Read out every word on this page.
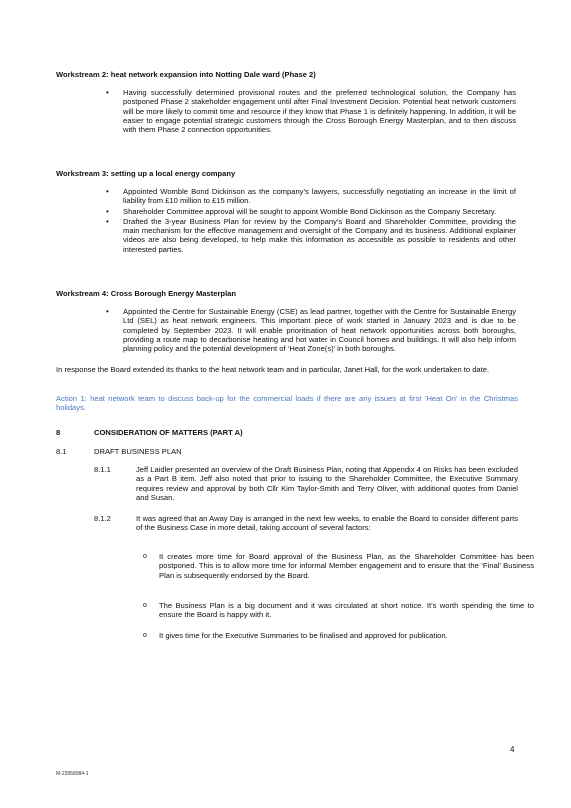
Workstream 2: heat network expansion into Notting Dale ward (Phase 2)

• Having successfully determined provisional routes and the preferred technological solution, the Company has postponed Phase 2 stakeholder engagement until after Final Investment Decision. Potential heat network customers will be more likely to commit time and resource if they know that Phase 1 is definitely happening. In addition, it will be easier to engage potential strategic customers through the Cross Borough Energy Masterplan, and to then discuss with them Phase 2 connection opportunities.

Workstream 3: setting up a local energy company

• Appointed Womble Bond Dickinson as the company’s lawyers, successfully negotiating an increase in the limit of liability from £10 million to £15 million.
• Shareholder Committee approval will be sought to appoint Womble Bond Dickinson as the Company Secretary.
• Drafted the 3-year Business Plan for review by the Company's Board and Shareholder Committee, providing the main mechanism for the effective management and oversight of the Company and its business. Additional explainer videos are also being developed, to help make this information as accessible as possible to residents and other interested parties.

Workstream 4: Cross Borough Energy Masterplan

• Appointed the Centre for Sustainable Energy (CSE) as lead partner, together with the Centre for Sustainable Energy Ltd (SEL) as heat network engineers. This important piece of work started in January 2023 and is due to be completed by September 2023. It will enable prioritisation of heat network opportunities across both boroughs, providing a route map to decarbonise heating and hot water in Council homes and buildings. It will also help inform planning policy and the potential development of ‘Heat Zone(s)’ in both boroughs.

In response the Board extended its thanks to the heat network team and in particular, Janet Hall, for the work undertaken to date.

Action 1: heat network team to discuss back-up for the commercial loads if there are any issues at first ‘Heat On’ in the Christmas holidays.

8	CONSIDERATION OF MATTERS (PART A)
8.1	DRAFT BUSINESS PLAN
8.1.1	Jeff Laidler presented an overview of the Draft Business Plan, noting that Appendix 4 on Risks has been excluded as a Part B item. Jeff also noted that prior to issuing to the Shareholder Committee, the Executive Summary requires review and approval by both Cllr Kim Taylor-Smith and Terry Oliver, with additional quotes from Daniel and Susan.

8.1.2	It was agreed that an Away Day is arranged in the next few weeks, to enable the Board to consider different parts of the Business Case in more detail, taking account of several factors:

o It creates more time for Board approval of the Business Plan, as the Shareholder Committee has been postponed. This is to allow more time for informal Member engagement and to ensure that the ‘Final’ Business Plan is subsequently endorsed by the Board.
o The Business Plan is a big document and it was circulated at short notice. It’s worth spending the time to ensure the Board is happy with it.
o It gives time for the Executive Summaries to be finalised and approved for publication.
4
M-23958084-1
